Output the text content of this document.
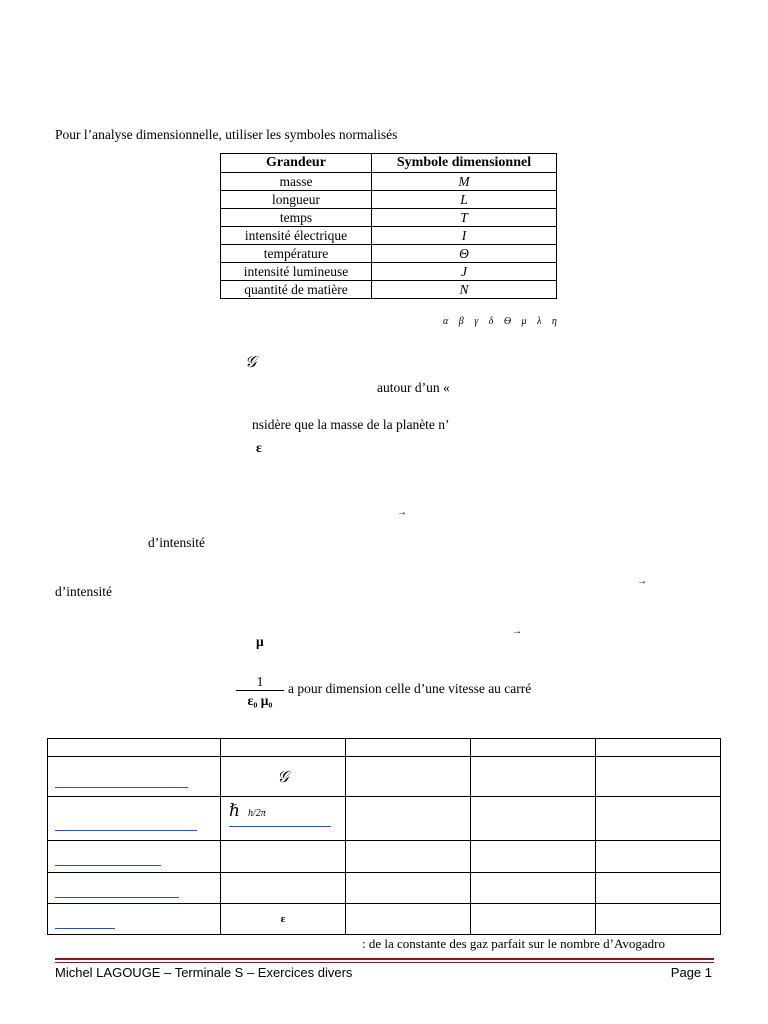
Pour l’analyse dimensionnelle, utiliser les symboles normalisés
Grandeur	Symbole dimensionnel
masse	M
longueur	L
temps	T
intensité électrique	I
température	Θ
intensité lumineuse	J
quantité de matière	N
α β γ δ ϴ μ λ η
𝒢
autour d’un «
nsidère que la masse de la planète n’
ε
→
d’intensité
→
d’intensité
→
μ
1
ε₀ μ₀
a pour dimension celle d’une vitesse au carré

	𝒢			

	ℏ h/2π

	ε			
: de la constante des gaz parfait sur le nombre d’Avogadro
Michel LAGOUGE – Terminale S – Exercices divers	Page 1
